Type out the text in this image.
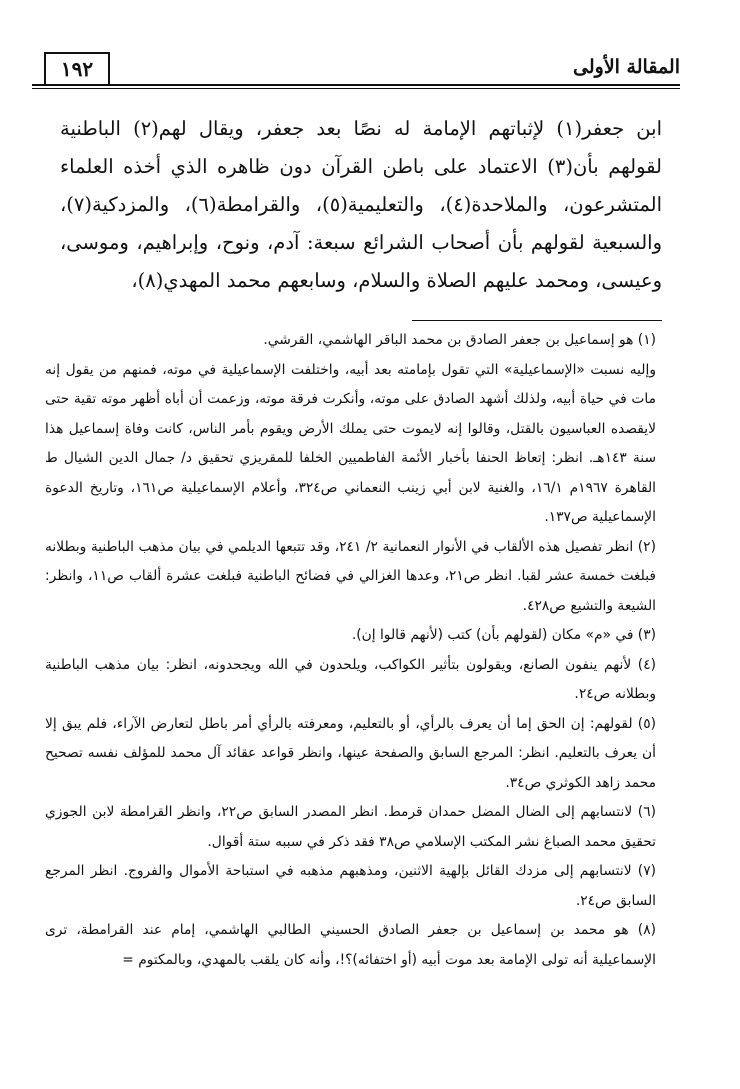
المقالة الأولى
١٩٢

ابن جعفر(١) لإثباتهم الإمامة له نصًا بعد جعفر، ويقال لهم(٢) الباطنية لقولهم بأن(٣) الاعتماد على باطن القرآن دون ظاهره الذي أخذه العلماء المتشرعون، والملاحدة(٤)، والتعليمية(٥)، والقرامطة(٦)، والمزدكية(٧)، والسبعية لقولهم بأن أصحاب الشرائع سبعة: آدم، ونوح، وإبراهيم، وموسى، وعيسى، ومحمد عليهم الصلاة والسلام، وسابعهم محمد المهدي(٨)،

(١) هو إسماعيل بن جعفر الصادق بن محمد الباقر الهاشمي، القرشي.
وإليه نسبت «الإسماعيلية» التي تقول بإمامته بعد أبيه، واختلفت الإسماعيلية في موته، فمنهم من يقول إنه مات في حياة أبيه، ولذلك أشهد الصادق على موته، وأنكرت فرقة موته، وزعمت أن أباه أظهر موته تقية حتى لايقصده العباسيون بالقتل، وقالوا إنه لايموت حتى يملك الأرض ويقوم بأمر الناس، كانت وفاة إسماعيل هذا سنة ١٤٣هـ. انظر: إتعاظ الحنفا بأخبار الأئمة الفاطميين الخلفا للمقريزي تحقيق د/ جمال الدين الشيال ط القاهرة ١٩٦٧م ١٦/١، والغنية لابن أبي زينب النعماني ص٣٢٤، وأعلام الإسماعيلية ص١٦١، وتاريخ الدعوة الإسماعيلية ص١٣٧.

(٢) انظر تفصيل هذه الألقاب في الأنوار النعمانية ٢/ ٢٤١، وقد تتبعها الديلمي في بيان مذهب الباطنية وبطلانه فبلغت خمسة عشر لقبا. انظر ص٢١، وعدها الغزالي في فضائح الباطنية فبلغت عشرة ألقاب ص١١، وانظر: الشيعة والتشيع ص٤٢٨.

(٣) في «م» مكان (لقولهم بأن) كتب (لأنهم قالوا إن).

(٤) لأنهم ينفون الصانع، ويقولون بتأثير الكواكب، ويلحدون في الله ويجحدونه، انظر: بيان مذهب الباطنية وبطلانه ص٢٤.

(٥) لقولهم: إن الحق إما أن يعرف بالرأي، أو بالتعليم، ومعرفته بالرأي أمر باطل لتعارض الآراء، فلم يبق إلا أن يعرف بالتعليم. انظر: المرجع السابق والصفحة عينها، وانظر قواعد عقائد آل محمد للمؤلف نفسه تصحيح محمد زاهد الكوثري ص٣٤.

(٦) لانتسابهم إلى الضال المضل حمدان قرمط. انظر المصدر السابق ص٢٢، وانظر القرامطة لابن الجوزي تحقيق محمد الصباغ نشر المكتب الإسلامي ص٣٨ فقد ذكر في سببه ستة أقوال.

(٧) لانتسابهم إلى مزدك القائل بإلهية الاثنين، ومذهبهم مذهبه في استباحة الأموال والفروج. انظر المرجع السابق ص٢٤.

(٨) هو محمد بن إسماعيل بن جعفر الصادق الحسيني الطالبي الهاشمي، إمام عند القرامطة، ترى الإسماعيلية أنه تولى الإمامة بعد موت أبيه (أو اختفائه)؟!، وأنه كان يلقب بالمهدي، وبالمكتوم =
